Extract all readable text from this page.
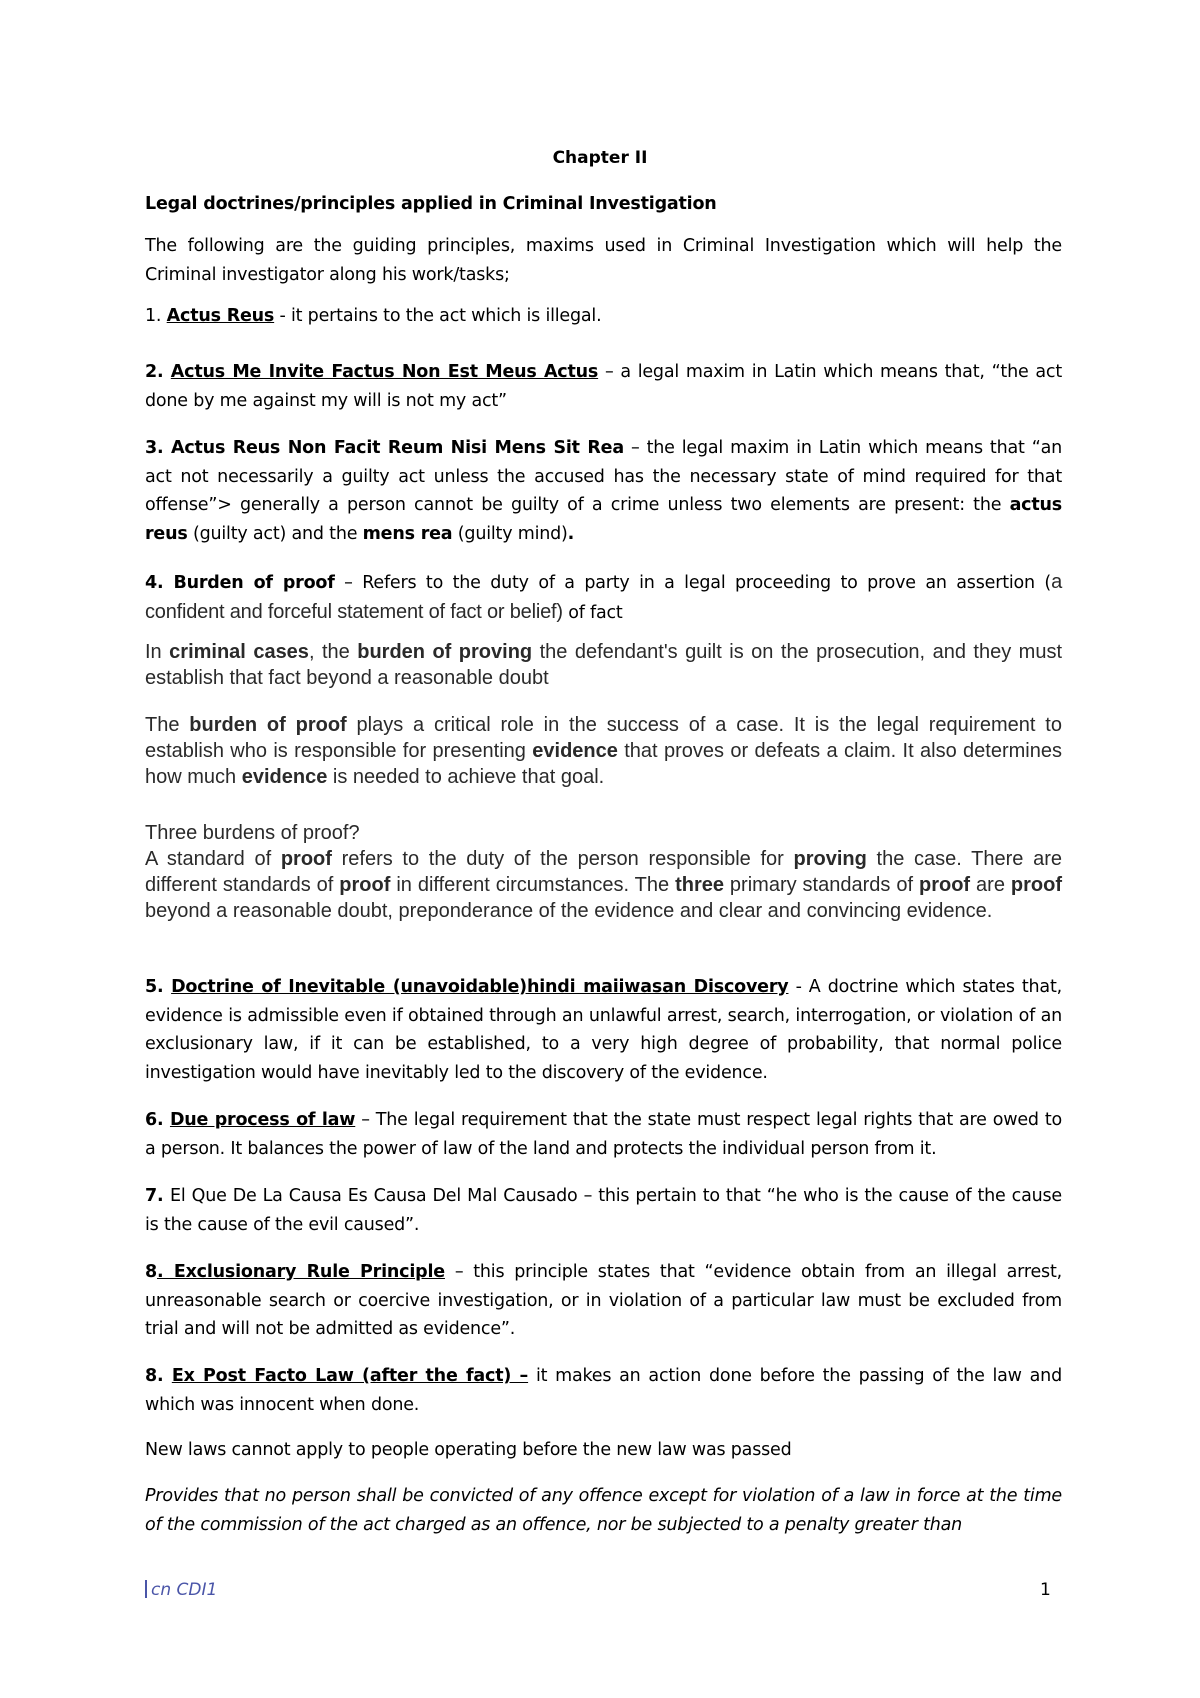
Chapter II

Legal doctrines/principles applied in Criminal Investigation

The following are the guiding principles, maxims used in Criminal Investigation which will help the Criminal investigator along his work/tasks;

1. Actus Reus - it pertains to the act which is illegal.

2. Actus Me Invite Factus Non Est Meus Actus – a legal maxim in Latin which means that, “the act done by me against my will is not my act”

3. Actus Reus Non Facit Reum Nisi Mens Sit Rea – the legal maxim in Latin which means that “an act not necessarily a guilty act unless the accused has the necessary state of mind required for that offense”> generally a person cannot be guilty of a crime unless two elements are present: the actus reus (guilty act) and the mens rea (guilty mind).

4. Burden of proof – Refers to the duty of a party in a legal proceeding to prove an assertion (a confident and forceful statement of fact or belief) of fact

In criminal cases, the burden of proving the defendant's guilt is on the prosecution, and they must establish that fact beyond a reasonable doubt

The burden of proof plays a critical role in the success of a case. It is the legal requirement to establish who is responsible for presenting evidence that proves or defeats a claim. It also determines how much evidence is needed to achieve that goal.

Three burdens of proof?

A standard of proof refers to the duty of the person responsible for proving the case. There are different standards of proof in different circumstances. The three primary standards of proof are proof beyond a reasonable doubt, preponderance of the evidence and clear and convincing evidence.

5. Doctrine of Inevitable (unavoidable)hindi maiiwasan Discovery - A doctrine which states that, evidence is admissible even if obtained through an unlawful arrest, search, interrogation, or violation of an exclusionary law, if it can be established, to a very high degree of probability, that normal police investigation would have inevitably led to the discovery of the evidence.

6. Due process of law – The legal requirement that the state must respect legal rights that are owed to a person. It balances the power of law of the land and protects the individual person from it.

7. El Que De La Causa Es Causa Del Mal Causado – this pertain to that “he who is the cause of the cause is the cause of the evil caused”.

8. Exclusionary Rule Principle – this principle states that “evidence obtain from an illegal arrest, unreasonable search or coercive investigation, or in violation of a particular law must be excluded from trial and will not be admitted as evidence”.

8. Ex Post Facto Law (after the fact) – it makes an action done before the passing of the law and which was innocent when done.

New laws cannot apply to people operating before the new law was passed

Provides that no person shall be convicted of any offence except for violation of a law in force at the time of the commission of the act charged as an offence, nor be subjected to a penalty greater than

cn CDI1	1
